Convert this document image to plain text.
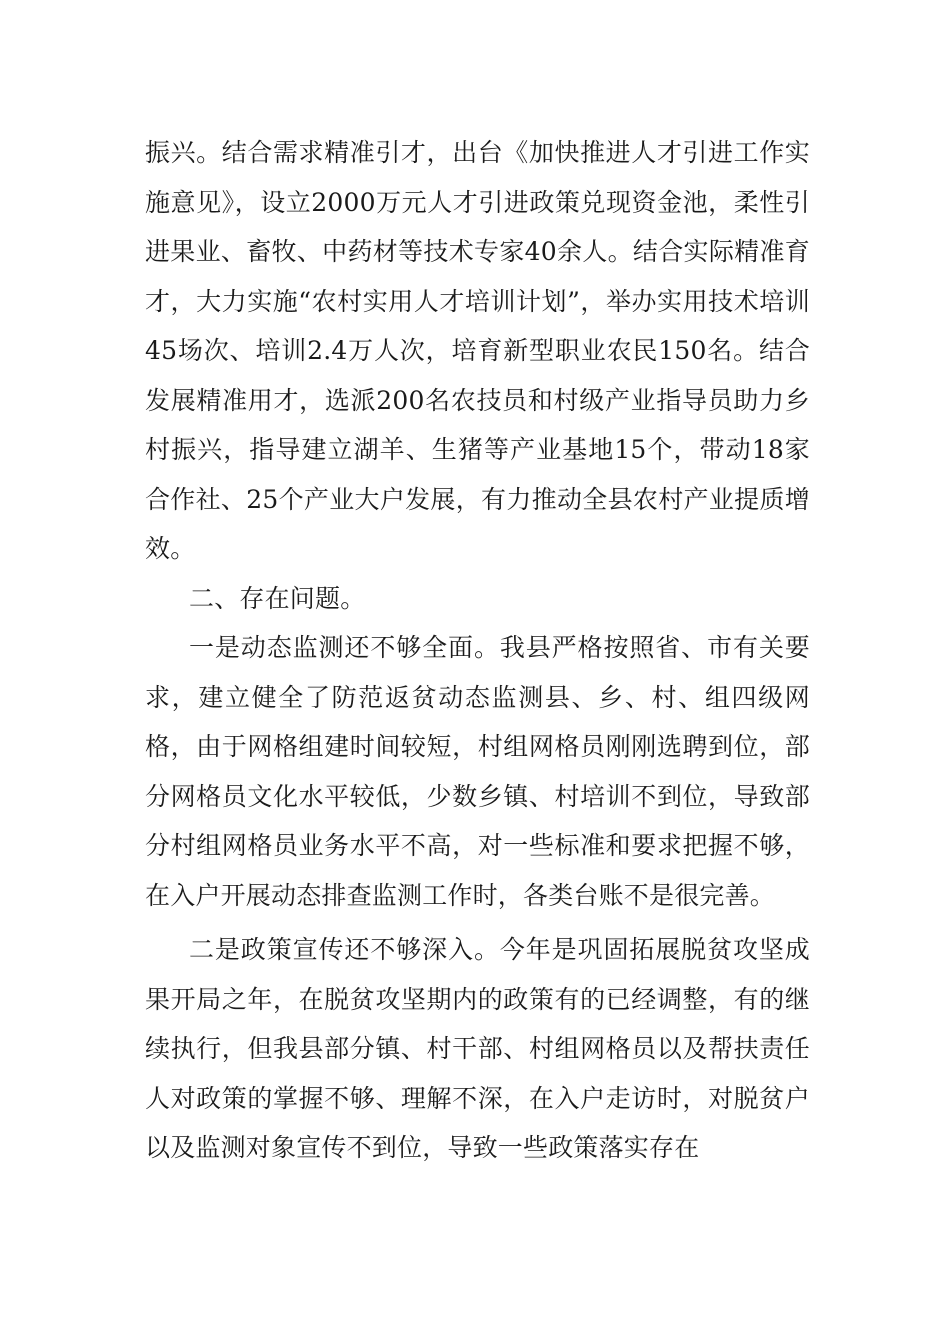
振兴。结合需求精准引才，出台《加快推进人才引进工作实施意见》，设立2000万元人才引进政策兑现资金池，柔性引进果业、畜牧、中药材等技术专家40余人。结合实际精准育才，大力实施“农村实用人才培训计划”，举办实用技术培训45场次、培训2.4万人次，培育新型职业农民150名。结合发展精准用才，选派200名农技员和村级产业指导员助力乡村振兴，指导建立湖羊、生猪等产业基地15个，带动18家合作社、25个产业大户发展，有力推动全县农村产业提质增效。

二、存在问题。

一是动态监测还不够全面。我县严格按照省、市有关要求，建立健全了防范返贫动态监测县、乡、村、组四级网格，由于网格组建时间较短，村组网格员刚刚选聘到位，部分网格员文化水平较低，少数乡镇、村培训不到位，导致部分村组网格员业务水平不高，对一些标准和要求把握不够，在入户开展动态排查监测工作时，各类台账不是很完善。

二是政策宣传还不够深入。今年是巩固拓展脱贫攻坚成果开局之年，在脱贫攻坚期内的政策有的已经调整，有的继续执行，但我县部分镇、村干部、村组网格员以及帮扶责任人对政策的掌握不够、理解不深，在入户走访时，对脱贫户以及监测对象宣传不到位，导致一些政策落实存在
